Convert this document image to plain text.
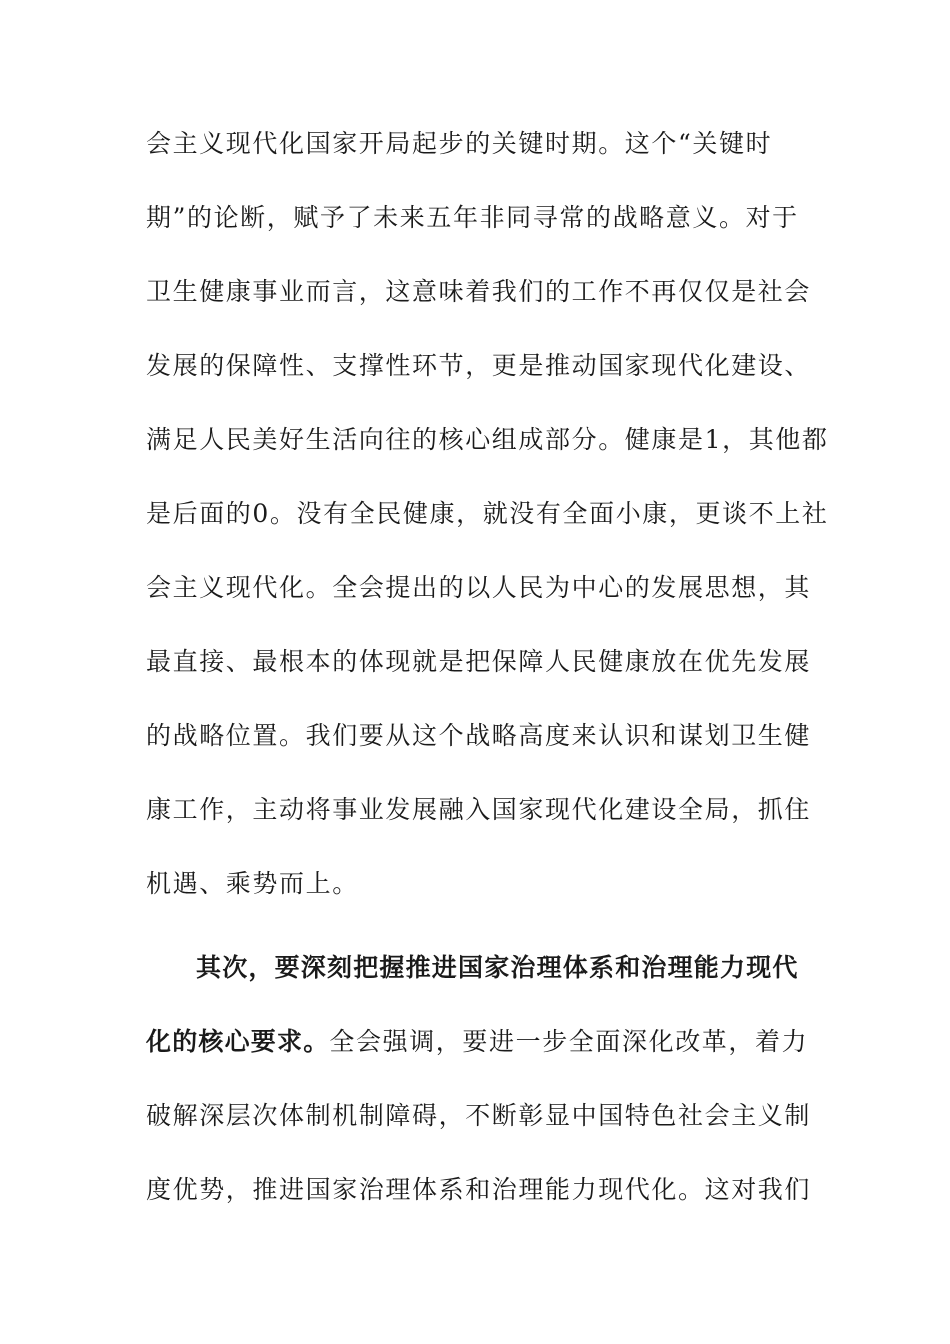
会主义现代化国家开局起步的关键时期。这个“关键时
期”的论断，赋予了未来五年非同寻常的战略意义。对于
卫生健康事业而言，这意味着我们的工作不再仅仅是社会
发展的保障性、支撑性环节，更是推动国家现代化建设、
满足人民美好生活向往的核心组成部分。健康是1，其他都
是后面的0。没有全民健康，就没有全面小康，更谈不上社
会主义现代化。全会提出的以人民为中心的发展思想，其
最直接、最根本的体现就是把保障人民健康放在优先发展
的战略位置。我们要从这个战略高度来认识和谋划卫生健
康工作，主动将事业发展融入国家现代化建设全局，抓住
机遇、乘势而上。
其次，要深刻把握推进国家治理体系和治理能力现代
化的核心要求。全会强调，要进一步全面深化改革，着力
破解深层次体制机制障碍，不断彰显中国特色社会主义制
度优势，推进国家治理体系和治理能力现代化。这对我们
